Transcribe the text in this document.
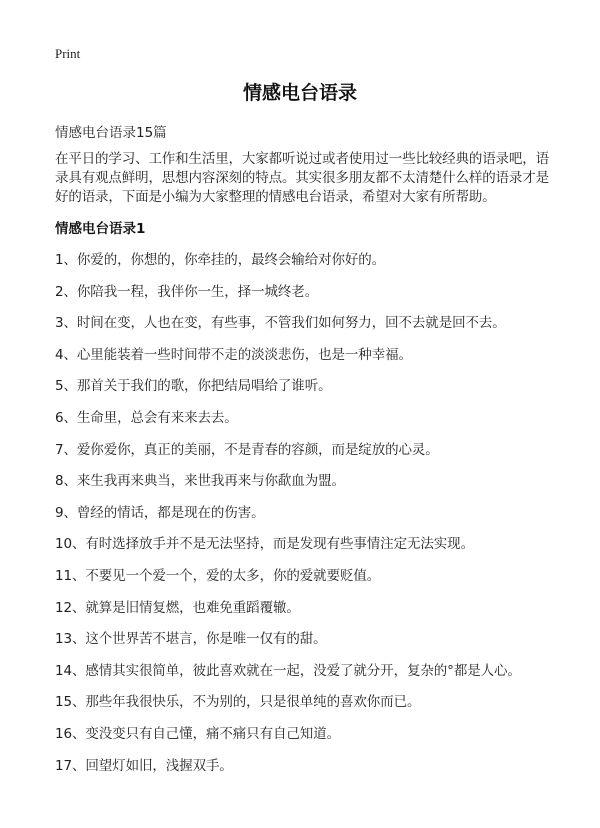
Print
情感电台语录
情感电台语录15篇

在平日的学习、工作和生活里，大家都听说过或者使用过一些比较经典的语录吧，语录具有观点鲜明，思想内容深刻的特点。其实很多朋友都不太清楚什么样的语录才是好的语录，下面是小编为大家整理的情感电台语录，希望对大家有所帮助。

情感电台语录1
1、你爱的，你想的，你牵挂的，最终会输给对你好的。
2、你陪我一程，我伴你一生，择一城终老。
3、时间在变，人也在变，有些事，不管我们如何努力，回不去就是回不去。
4、心里能装着一些时间带不走的淡淡悲伤，也是一种幸福。
5、那首关于我们的歌，你把结局唱给了谁听。
6、生命里，总会有来来去去。
7、爱你爱你，真正的美丽，不是青春的容颜，而是绽放的心灵。
8、来生我再来典当，来世我再来与你歃血为盟。
9、曾经的情话，都是现在的伤害。
10、有时选择放手并不是无法坚持，而是发现有些事情注定无法实现。
11、不要见一个爱一个，爱的太多，你的爱就要贬值。
12、就算是旧情复燃，也难免重蹈覆辙。
13、这个世界苦不堪言，你是唯一仅有的甜。
14、感情其实很简单，彼此喜欢就在一起，没爱了就分开，复杂的°都是人心。
15、那些年我很快乐，不为别的，只是很单纯的喜欢你而已。
16、变没变只有自己懂，痛不痛只有自己知道。
17、回望灯如旧，浅握双手。
